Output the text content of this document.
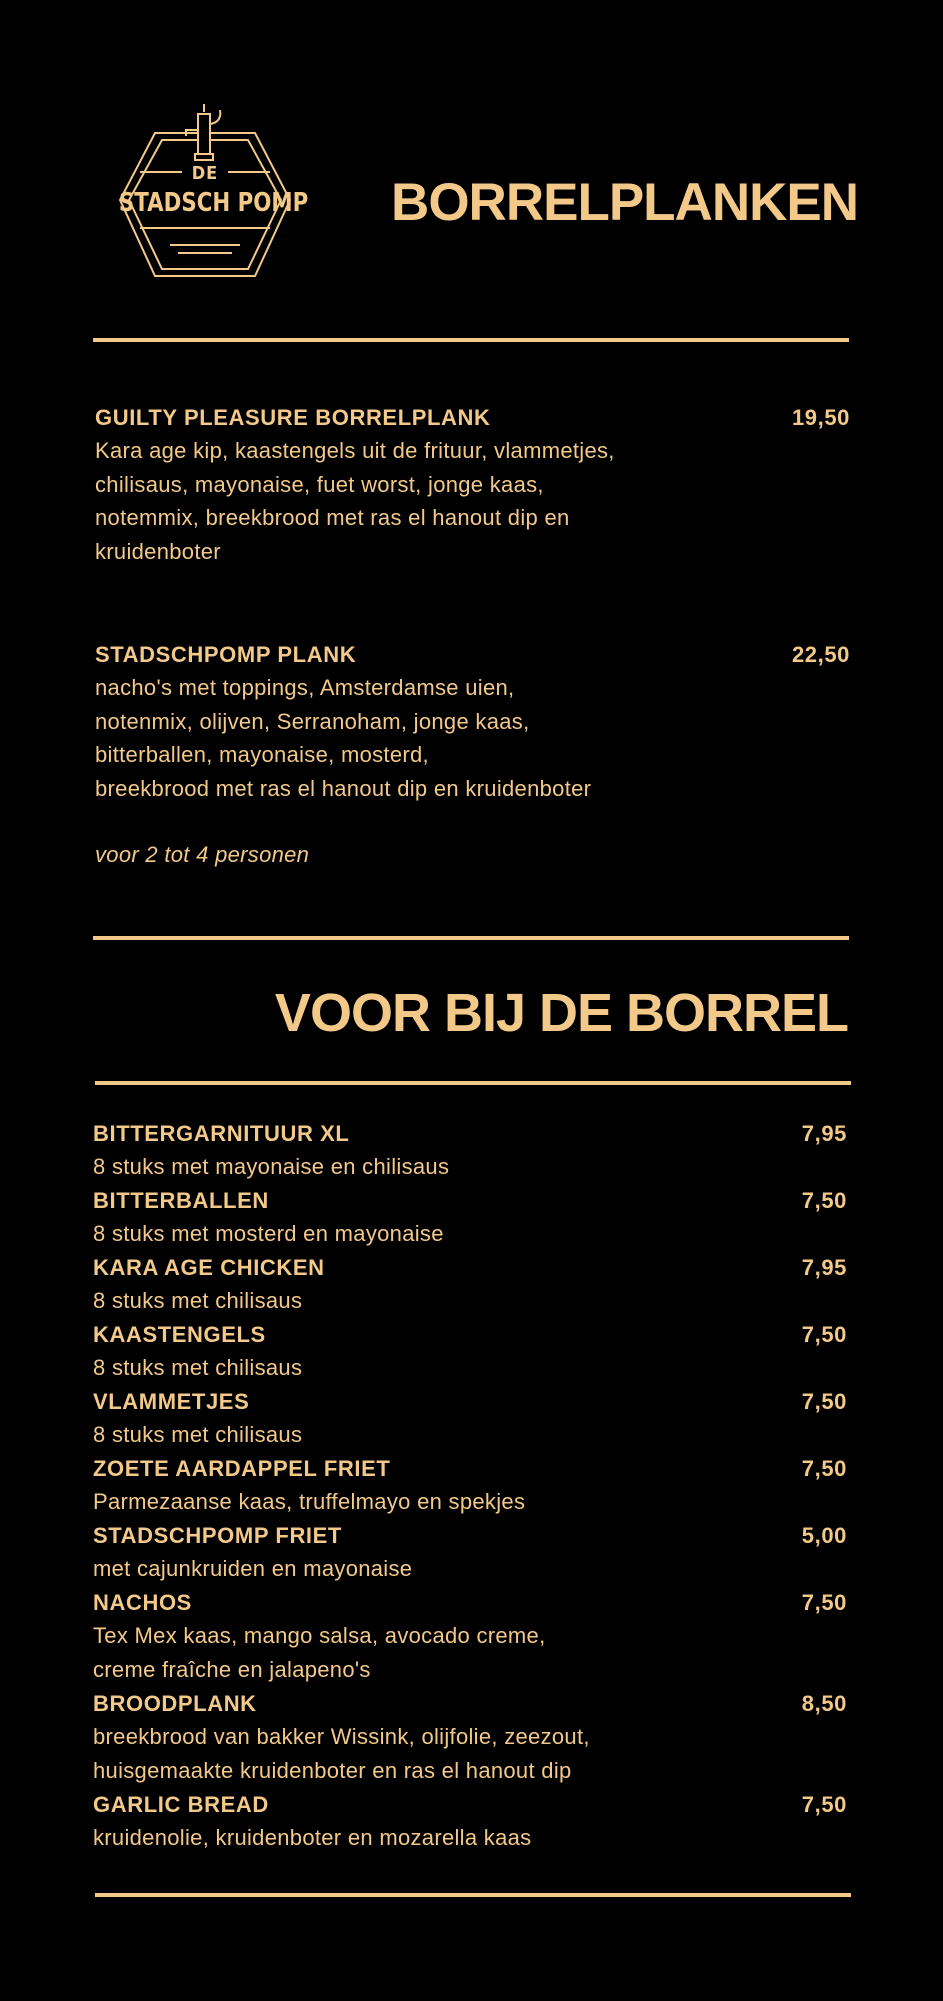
DE
STADSCH POMP BORRELPLANKEN
GUILTY PLEASURE BORRELPLANK	19,50
Kara age kip, kaastengels uit de frituur, vlammetjes,
chilisaus, mayonaise, fuet worst, jonge kaas,
notemmix, breekbrood met ras el hanout dip en
kruidenboter
STADSCHPOMP PLANK	22,50
nacho's met toppings, Amsterdamse uien,
notenmix, olijven, Serranoham, jonge kaas,
bitterballen, mayonaise, mosterd,
breekbrood met ras el hanout dip en kruidenboter
voor 2 tot 4 personen
VOOR BIJ DE BORREL
BITTERGARNITUUR XL	7,95
8 stuks met mayonaise en chilisaus
BITTERBALLEN	7,50
8 stuks met mosterd en mayonaise
KARA AGE CHICKEN	7,95
8 stuks met chilisaus
KAASTENGELS	7,50
8 stuks met chilisaus
VLAMMETJES	7,50
8 stuks met chilisaus
ZOETE AARDAPPEL FRIET	7,50
Parmezaanse kaas, truffelmayo en spekjes
STADSCHPOMP FRIET	5,00
met cajunkruiden en mayonaise
NACHOS	7,50
Tex Mex kaas, mango salsa, avocado creme,
creme fraîche en jalapeno's
BROODPLANK	8,50
breekbrood van bakker Wissink, olijfolie, zeezout,
huisgemaakte kruidenboter en ras el hanout dip
GARLIC BREAD	7,50
kruidenolie, kruidenboter en mozarella kaas
